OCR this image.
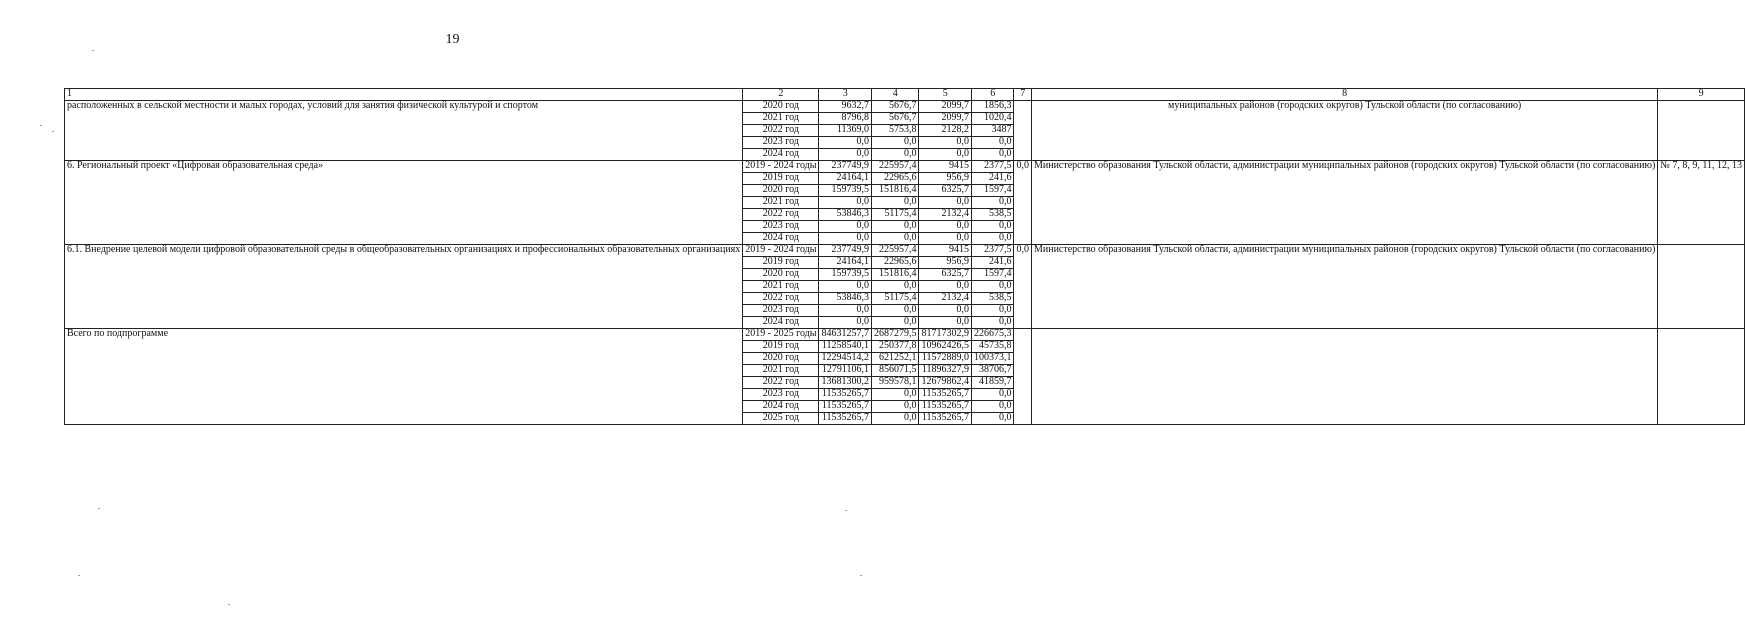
19
1	2	3	4	5	6	7	8	9
расположенных в сельской местности и малых городах, условий для занятия физической культурой и спортом	2020 год	9632,7	5676,7	2099,7	1856,3		муниципальных районов (городских округов) Тульской области (по согласованию)	
	2021 год	8796,8	5676,7	2099,7	1020,4			
	2022 год	11369,0	5753,8	2128,2	3487			
	2023 год	0,0	0,0	0,0	0,0			
	2024 год	0,0	0,0	0,0	0,0			
6. Региональный проект «Цифровая образовательная среда»	2019 - 2024 годы	237749,9	225957,4	9415	2377,5	0,0	Министерство образования Тульской области, администрации муниципальных районов (городских округов) Тульской области (по согласованию)	№ 7, 8, 9, 11, 12, 13
	2019 год	24164,1	22965,6	956,9	241,6			
	2020 год	159739,5	151816,4	6325,7	1597,4			
	2021 год	0,0	0,0	0,0	0,0			
	2022 год	53846,3	51175,4	2132,4	538,5			
	2023 год	0,0	0,0	0,0	0,0			
	2024 год	0,0	0,0	0,0	0,0			
6.1. Внедрение целевой модели цифровой образовательной среды в общеобразовательных организациях и профессиональных образовательных организациях	2019 - 2024 годы	237749,9	225957,4	9415	2377,5	0,0	Министерство образования Тульской области, администрации муниципальных районов (городских округов) Тульской области (по согласованию)	
	2019 год	24164,1	22965,6	956,9	241,6			
	2020 год	159739,5	151816,4	6325,7	1597,4			
	2021 год	0,0	0,0	0,0	0,0			
	2022 год	53846,3	51175,4	2132,4	538,5			
	2023 год	0,0	0,0	0,0	0,0			
	2024 год	0,0	0,0	0,0	0,0			
Всего по подпрограмме	2019 - 2025 годы	84631257,7	2687279,5	81717302,9	226675,3			
	2019 год	11258540,1	250377,8	10962426,5	45735,8			
	2020 год	12294514,2	621252,1	11572889,0	100373,1			
	2021 год	12791106,1	856071,5	11896327,9	38706,7			
	2022 год	13681300,2	959578,1	12679862,4	41859,7			
	2023 год	11535265,7	0,0	11535265,7	0,0			
	2024 год	11535265,7	0,0	11535265,7	0,0			
	2025 год	11535265,7	0,0	11535265,7	0,0			
